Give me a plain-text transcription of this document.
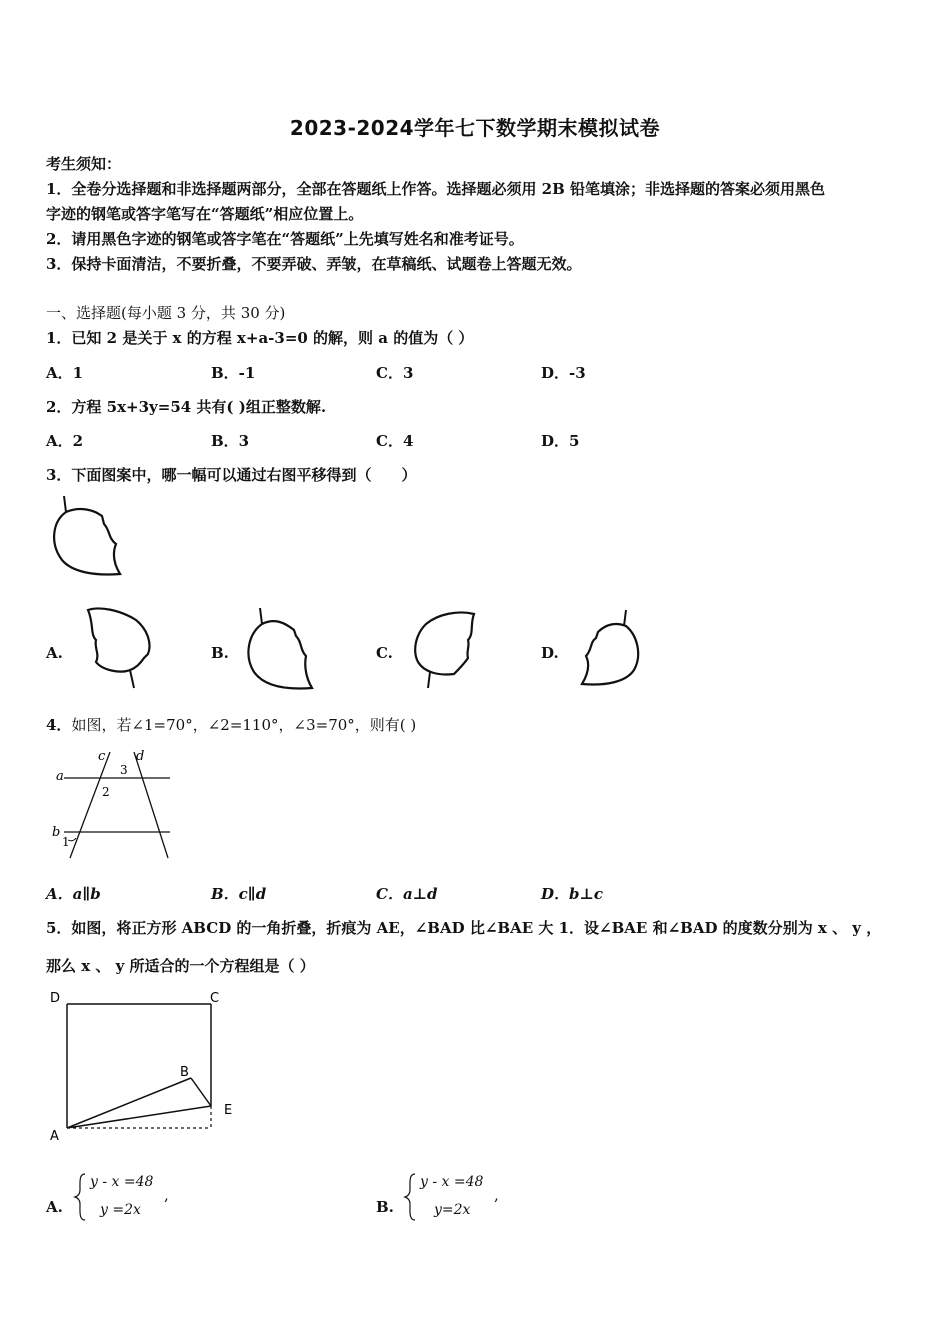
2023-2024学年七下数学期末模拟试卷
考生须知：
1．全卷分选择题和非选择题两部分，全部在答题纸上作答。选择题必须用 2B 铅笔填涂；非选择题的答案必须用黑色
字迹的钢笔或答字笔写在“答题纸”相应位置上。
2．请用黑色字迹的钢笔或答字笔在“答题纸”上先填写姓名和准考证号。
3．保持卡面清洁，不要折叠，不要弄破、弄皱，在草稿纸、试题卷上答题无效。
一、选择题(每小题 3 分，共 30 分)
1．已知 2 是关于 x 的方程 x+a-3=0 的解，则 a 的值为（ ）
A．1	B．-1	C．3	D．-3
2．方程 5x+3y=54 共有( )组正整数解.
A．2	B．3	C．4	D．5
3．下面图案中，哪一幅可以通过右图平移得到（　　）
A.	B.	C.	D.
4．如图，若∠1=70°，∠2=110°，∠3=70°，则有( )
a
b
c d
1
2
3
A．a∥b	B．c∥d	C．a⊥d	D．b⊥c
5．如图，将正方形 ABCD 的一角折叠，折痕为 AE，∠BAD 比∠BAE 大 1．设∠BAE 和∠BAD 的度数分别为 x 、 y ，
那么 x 、 y 所适合的一个方程组是（ ）
D	C
B
E
A
A.
y - x =48
y =2x
,
B.
y - x =48
y=2x
,
